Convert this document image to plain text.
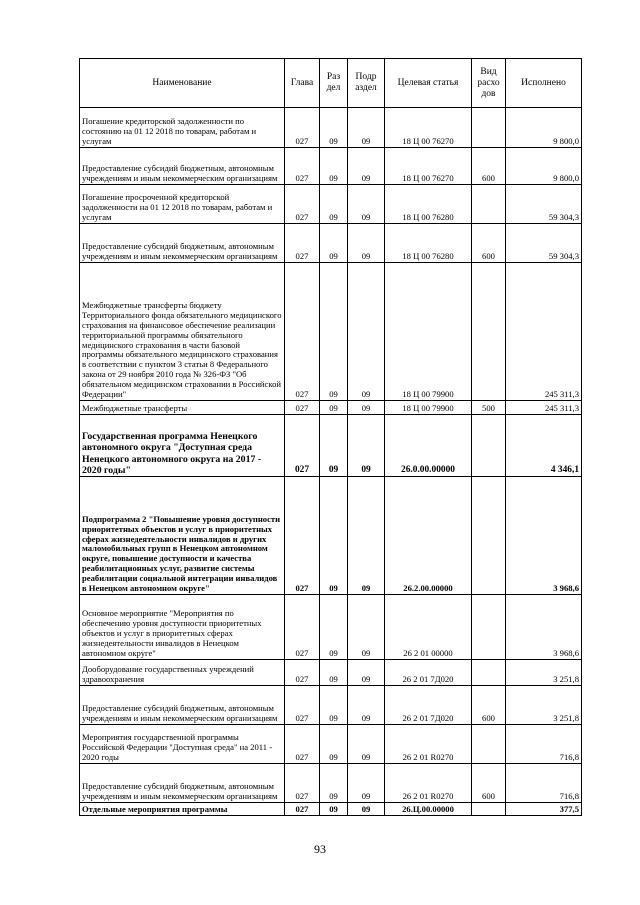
Наименование	Глава	Раз дел	Подр аздел	Целевая статья	Вид расхо дов	Исполнено
Погашение кредиторской задолженности по состоянию на 01 12 2018 по товарам, работам и услугам	027	09	09	18 Ц 00 76270		9 800,0
Предоставление субсидий бюджетным, автономным учреждениям и иным некоммерческим организациям	027	09	09	18 Ц 00 76270	600	9 800,0
Погашение просроченной кредиторской задолженности на 01 12 2018 по товарам, работам и услугам	027	09	09	18 Ц 00 76280		59 304,3
Предоставление субсидий бюджетным, автономным учреждениям и иным некоммерческим организациям	027	09	09	18 Ц 00 76280	600	59 304,3
Межбюджетные трансферты бюджету Территориального фонда обязательного медицинского страхования на финансовое обеспечение реализации территориальной программы обязательного медицинского страхования в части базовой программы обязательного медицинского страхования в соответствии с пунктом 3 статьи 8 Федерального закона от 29 ноября 2010 года № 326-ФЗ "Об обязательном медицинском страховании в Российской Федерации"	027	09	09	18 Ц 00 79900		245 311,3
Межбюджетные трансферты	027	09	09	18 Ц 00 79900	500	245 311,3
Государственная программа Ненецкого автономного округа "Доступная среда Ненецкого автономного округа на 2017 - 2020 годы"	027	09	09	26.0.00.00000		4 346,1
Подпрограмма 2 "Повышение уровня доступности приоритетных объектов и услуг в приоритетных сферах жизнедеятельности инвалидов и других маломобильных групп в Ненецком автономном округе, повышение доступности и качества реабилитационных услуг, развитие системы реабилитации социальной интеграции инвалидов в Ненецком автономном округе"	027	09	09	26.2.00.00000		3 968,6
Основное мероприятие "Мероприятия по обеспечению уровня доступности приоритетных объектов и услуг в приоритетных сферах жизнедеятельности инвалидов в Ненецком автономном округе"	027	09	09	26 2 01 00000		3 968,6
Дооборудование государственных учреждений здравоохранения	027	09	09	26 2 01 7Д020		3 251,8
Предоставление субсидий бюджетным, автономным учреждениям и иным некоммерческим организациям	027	09	09	26 2 01 7Д020	600	3 251,8
Мероприятия государственной программы Российской Федерации "Доступная среда" на 2011 - 2020 годы	027	09	09	26 2 01 R0270		716,8
Предоставление субсидий бюджетным, автономным учреждениям и иным некоммерческим организациям	027	09	09	26 2 01 R0270	600	716,8
Отдельные мероприятия программы	027	09	09	26.Ц.00.00000		377,5
93
